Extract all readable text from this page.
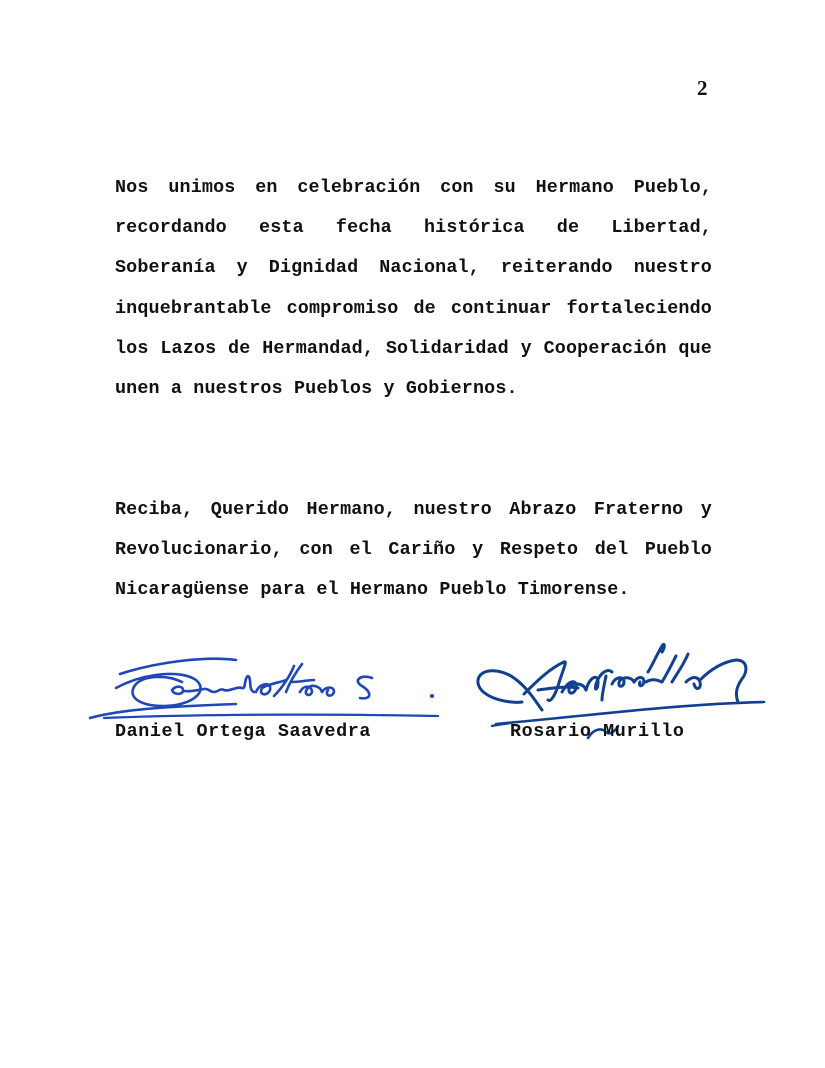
2

Nos unimos en celebración con su Hermano Pueblo, recordando esta fecha histórica de Libertad, Soberanía y Dignidad Nacional, reiterando nuestro inquebrantable compromiso de continuar fortaleciendo los Lazos de Hermandad, Solidaridad y Cooperación que unen a nuestros Pueblos y Gobiernos.

Reciba, Querido Hermano, nuestro Abrazo Fraterno y Revolucionario, con el Cariño y Respeto del Pueblo Nicaragüense para el Hermano Pueblo Timorense.

Daniel Ortega Saavedra	Rosario Murillo
